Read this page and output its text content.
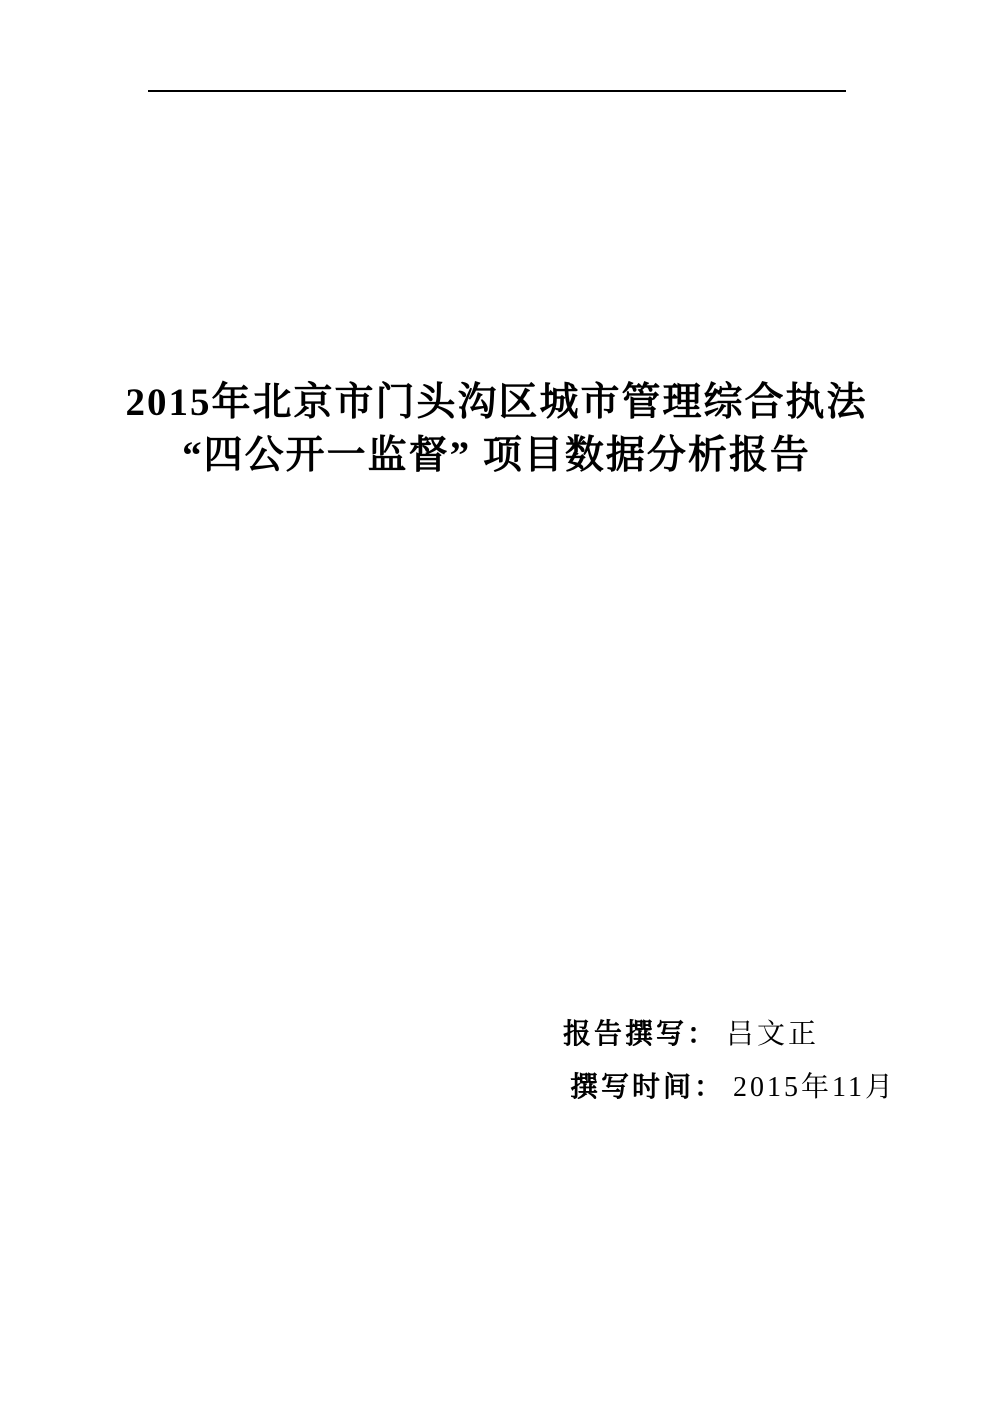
2015年北京市门头沟区城市管理综合执法
“四公开一监督” 项目数据分析报告
报告撰写： 吕文正
撰写时间： 2015年11月
